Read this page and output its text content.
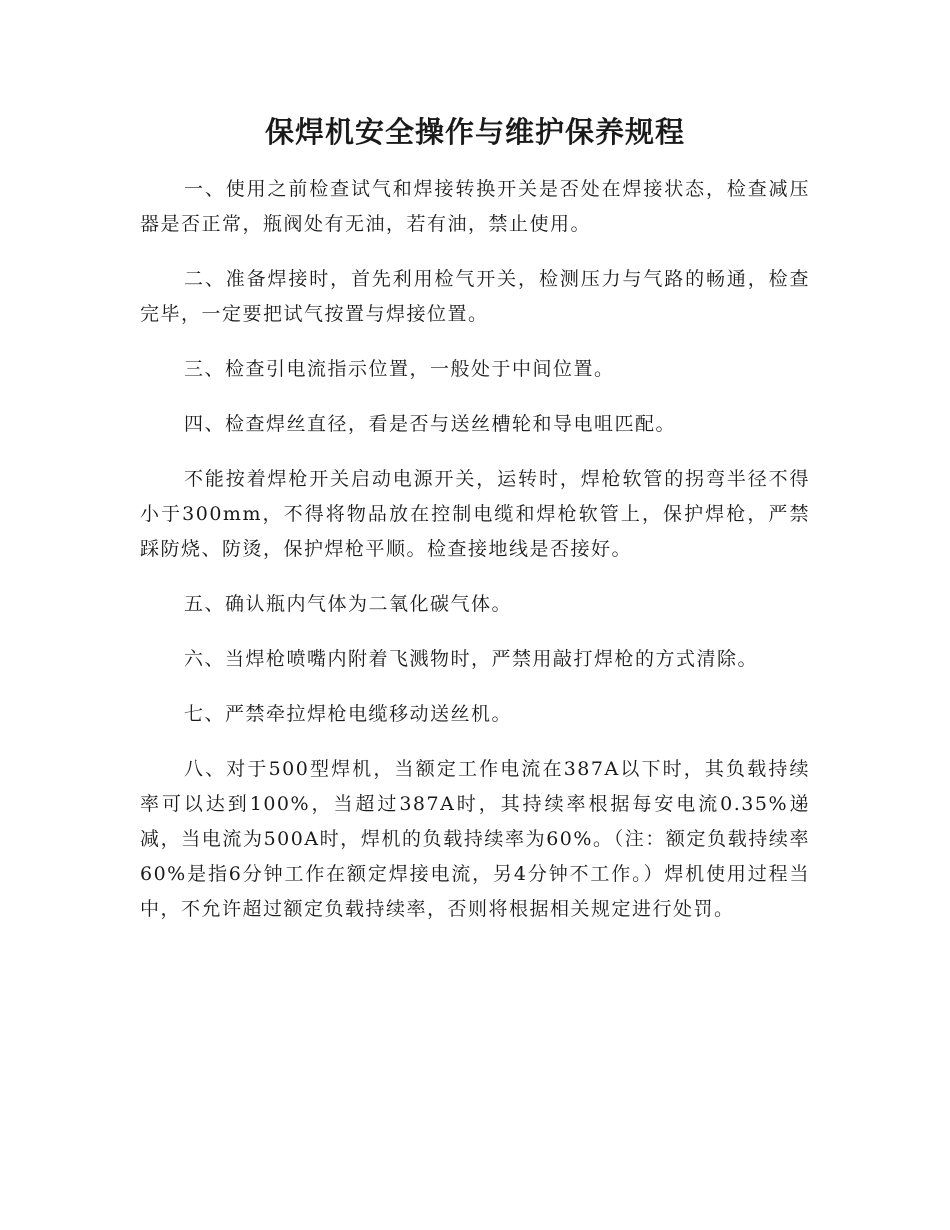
保焊机安全操作与维护保养规程

一、使用之前检查试气和焊接转换开关是否处在焊接状态，检查减压器是否正常，瓶阀处有无油，若有油，禁止使用。

二、准备焊接时，首先利用检气开关，检测压力与气路的畅通，检查完毕，一定要把试气按置与焊接位置。

三、检查引电流指示位置，一般处于中间位置。

四、检查焊丝直径，看是否与送丝槽轮和导电咀匹配。

不能按着焊枪开关启动电源开关，运转时，焊枪软管的拐弯半径不得小于300mm，不得将物品放在控制电缆和焊枪软管上，保护焊枪，严禁踩防烧、防烫，保护焊枪平顺。检查接地线是否接好。

五、确认瓶内气体为二氧化碳气体。

六、当焊枪喷嘴内附着飞溅物时，严禁用敲打焊枪的方式清除。

七、严禁牵拉焊枪电缆移动送丝机。

八、对于500型焊机，当额定工作电流在387A以下时，其负载持续率可以达到100%，当超过387A时，其持续率根据每安电流0.35%递减，当电流为500A时，焊机的负载持续率为60%。（注：额定负载持续率60%是指6分钟工作在额定焊接电流，另4分钟不工作。）焊机使用过程当中，不允许超过额定负载持续率，否则将根据相关规定进行处罚。
